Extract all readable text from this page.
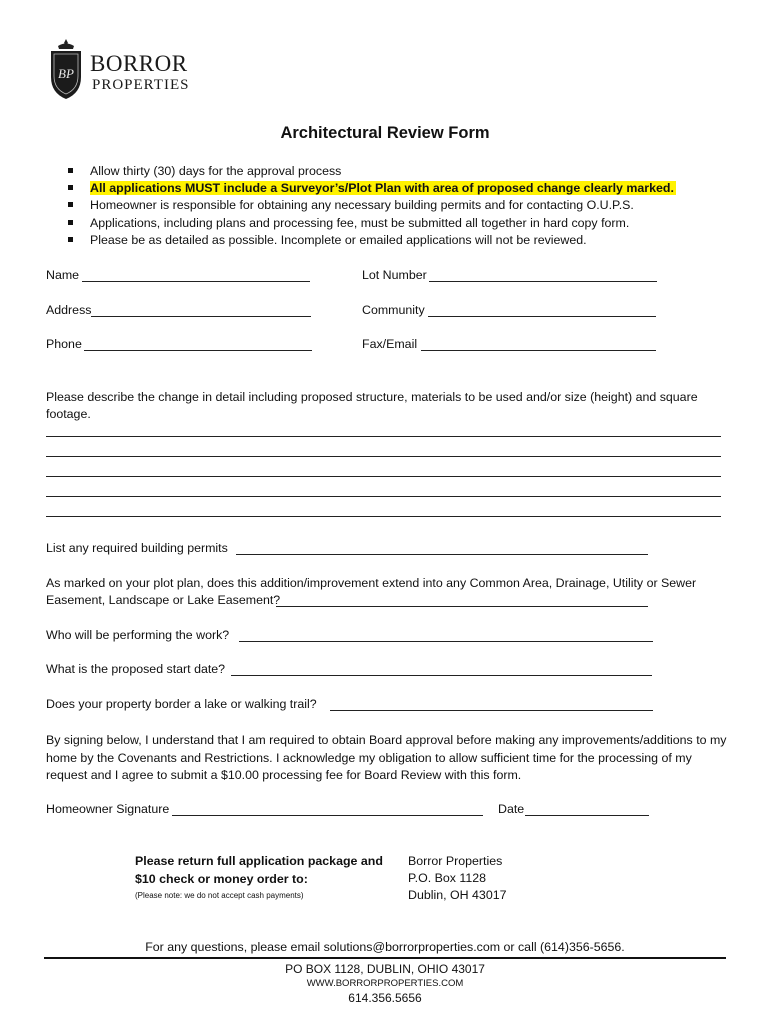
BP BORROR
PROPERTIES
Architectural Review Form
Allow thirty (30) days for the approval process
All applications MUST include a Surveyor’s/Plot Plan with area of proposed change clearly marked.
Homeowner is responsible for obtaining any necessary building permits and for contacting O.U.P.S.
Applications, including plans and processing fee, must be submitted all together in hard copy form.
Please be as detailed as possible. Incomplete or emailed applications will not be reviewed.
Name	Lot Number
Address	Community
Phone	Fax/Email
Please describe the change in detail including proposed structure, materials to be used and/or size (height) and square footage.
List any required building permits
As marked on your plot plan, does this addition/improvement extend into any Common Area, Drainage, Utility or Sewer
Easement, Landscape or Lake Easement?
Who will be performing the work?
What is the proposed start date?
Does your property border a lake or walking trail?
By signing below, I understand that I am required to obtain Board approval before making any improvements/additions to my home by the Covenants and Restrictions. I acknowledge my obligation to allow sufficient time for the processing of my request and I agree to submit a $10.00 processing fee for Board Review with this form.
Homeowner Signature	Date
Please return full application package and
$10 check or money order to:
(Please note: we do not accept cash payments)
Borror Properties
P.O. Box 1128
Dublin, OH 43017
For any questions, please email solutions@borrorproperties.com or call (614)356-5656.
PO BOX 1128, DUBLIN, OHIO 43017
WWW.BORRORPROPERTIES.COM
614.356.5656
